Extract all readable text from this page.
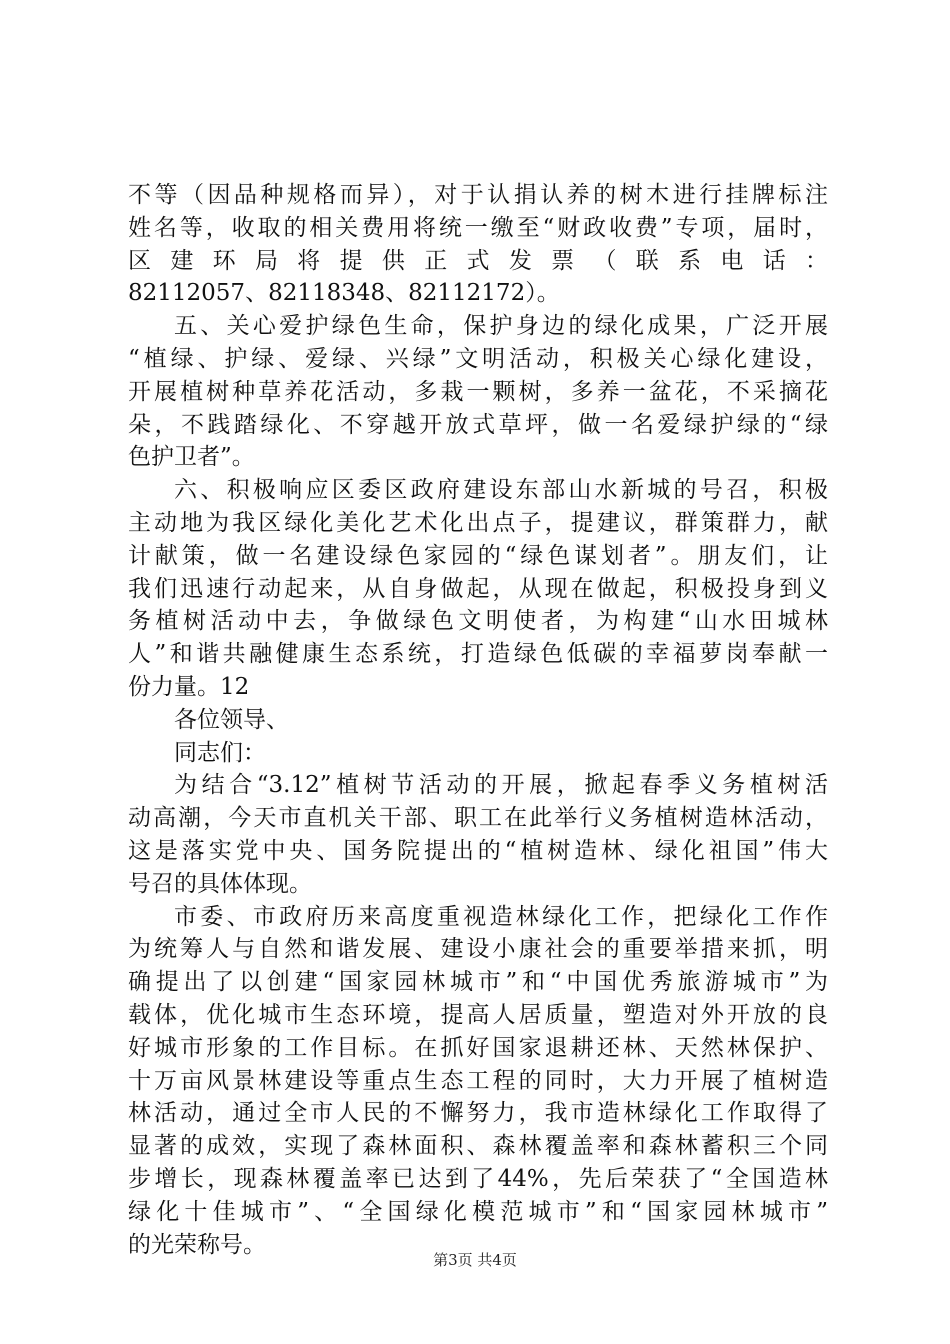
不等（因品种规格而异），对于认捐认养的树木进行挂牌标注
姓名等，收取的相关费用将统一缴至“财政收费”专项，届时，
区建环局将提供正式发票（联系电话：
82112057、82118348、82112172）。
五、关心爱护绿色生命，保护身边的绿化成果，广泛开展
“植绿、护绿、爱绿、兴绿”文明活动，积极关心绿化建设，
开展植树种草养花活动，多栽一颗树，多养一盆花，不采摘花
朵，不践踏绿化、不穿越开放式草坪，做一名爱绿护绿的“绿
色护卫者”。
六、积极响应区委区政府建设东部山水新城的号召，积极
主动地为我区绿化美化艺术化出点子，提建议，群策群力，献
计献策，做一名建设绿色家园的“绿色谋划者”。朋友们，让
我们迅速行动起来，从自身做起，从现在做起，积极投身到义
务植树活动中去，争做绿色文明使者，为构建“山水田城林
人”和谐共融健康生态系统，打造绿色低碳的幸福萝岗奉献一
份力量。12
各位领导、
同志们：
为结合“3.12”植树节活动的开展，掀起春季义务植树活
动高潮，今天市直机关干部、职工在此举行义务植树造林活动，
这是落实党中央、国务院提出的“植树造林、绿化祖国”伟大
号召的具体体现。
市委、市政府历来高度重视造林绿化工作，把绿化工作作
为统筹人与自然和谐发展、建设小康社会的重要举措来抓，明
确提出了以创建“国家园林城市”和“中国优秀旅游城市”为
载体，优化城市生态环境，提高人居质量，塑造对外开放的良
好城市形象的工作目标。在抓好国家退耕还林、天然林保护、
十万亩风景林建设等重点生态工程的同时，大力开展了植树造
林活动，通过全市人民的不懈努力，我市造林绿化工作取得了
显著的成效，实现了森林面积、森林覆盖率和森林蓄积三个同
步增长，现森林覆盖率已达到了44%，先后荣获了“全国造林
绿化十佳城市”、“全国绿化模范城市”和“国家园林城市”
的光荣称号。
第3页 共4页
